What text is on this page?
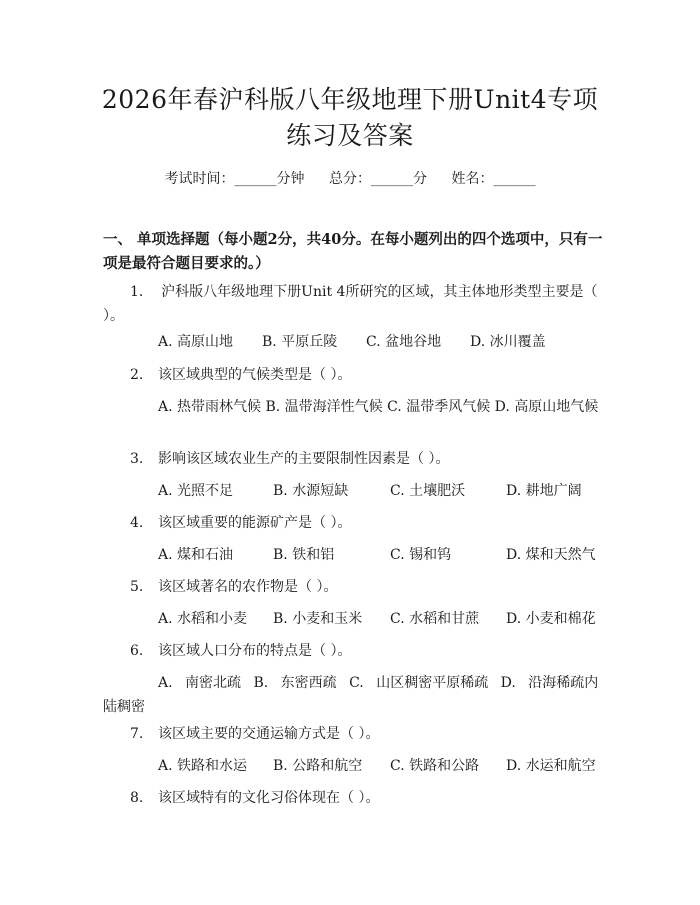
2026年春沪科版八年级地理下册Unit4专项
练习及答案
考试时间：______分钟 总分：______分 姓名：______
一、 单项选择题（每小题2分，共40分。在每小题列出的四个选项中，只有一项是最符合题目要求的。）
1. 沪科版八年级地理下册Unit 4所研究的区域，其主体地形类型主要是（ ）。
A. 高原山地 B. 平原丘陵 C. 盆地谷地 D. 冰川覆盖
2. 该区域典型的气候类型是（ ）。
A. 热带雨林气候 B. 温带海洋性气候 C. 温带季风气候 D. 高原山地气候
3. 影响该区域农业生产的主要限制性因素是（ ）。
A. 光照不足	B. 水源短缺	C. 土壤肥沃	D. 耕地广阔
4. 该区域重要的能源矿产是（ ）。
A. 煤和石油	B. 铁和铝	C. 锡和钨	D. 煤和天然气
5. 该区域著名的农作物是（ ）。
A. 水稻和小麦 B. 小麦和玉米 C. 水稻和甘蔗 D. 小麦和棉花
6. 该区域人口分布的特点是（ ）。
A. 南密北疏 B. 东密西疏 C. 山区稠密平原稀疏 D. 沿海稀疏内陆稠密
7. 该区域主要的交通运输方式是（ ）。
A. 铁路和水运 B. 公路和航空 C. 铁路和公路 D. 水运和航空
8. 该区域特有的文化习俗体现在（ ）。
